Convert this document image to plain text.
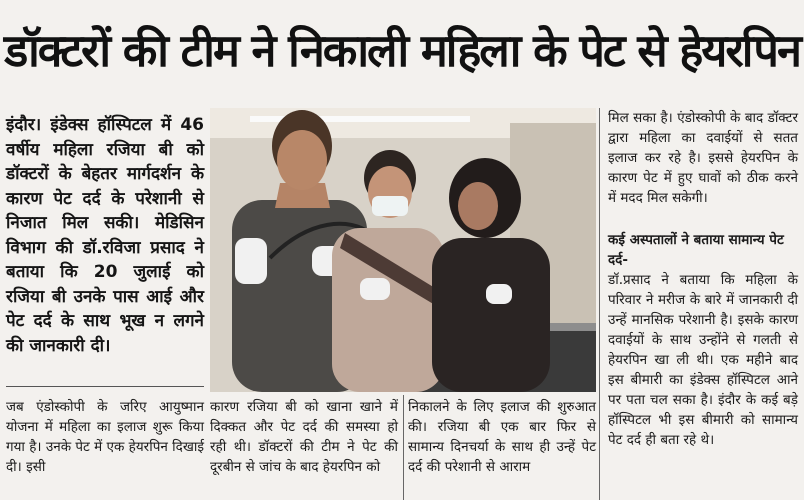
डॉक्टरों की टीम ने निकाली महिला के पेट से हेयरपिन
इंदौर। इंडेक्स हॉस्पिटल में 46 वर्षीय महिला रजिया बी को डॉक्टरों के बेहतर मार्गदर्शन के कारण पेट दर्द के परेशानी से निजात मिल सकी। मेडिसिन विभाग की डॉ.रविजा प्रसाद ने बताया कि 20 जुलाई को रजिया बी उनके पास आई और पेट दर्द के साथ भूख न लगने की जानकारी दी।
जब एंडोस्कोपी के जरिए आयुष्मान योजना में महिला का इलाज शुरू किया गया है। उनके पेट में एक हेयरपिन दिखाई दी। इसी
कारण रजिया बी को खाना खाने में दिक्कत और पेट दर्द की समस्या हो रही थी। डॉक्टरों की टीम ने पेट की दूरबीन से जांच के बाद हेयरपिन को
निकालने के लिए इलाज की शुरुआत की। रजिया बी एक बार फिर से सामान्य दिनचर्या के साथ ही उन्हें पेट दर्द की परेशानी से आराम
मिल सका है। एंडोस्कोपी के बाद डॉक्टर द्वारा महिला का दवाईयों से सतत इलाज कर रहे है। इससे हेयरपिन के कारण पेट में हुए घावों को ठीक करने में मदद मिल सकेगी।
कई अस्पतालों ने बताया सामान्य पेट दर्द-
डॉ.प्रसाद ने बताया कि महिला के परिवार ने मरीज के बारे में जानकारी दी उन्हें मानसिक परेशानी है। इसके कारण दवाईयों के साथ उन्होंने से गलती से हेयरपिन खा ली थी। एक महीने बाद इस बीमारी का इंडेक्स हॉस्पिटल आने पर पता चल सका है। इंदौर के कई बड़े हॉस्पिटल भी इस बीमारी को सामान्य पेट दर्द ही बता रहे थे।
